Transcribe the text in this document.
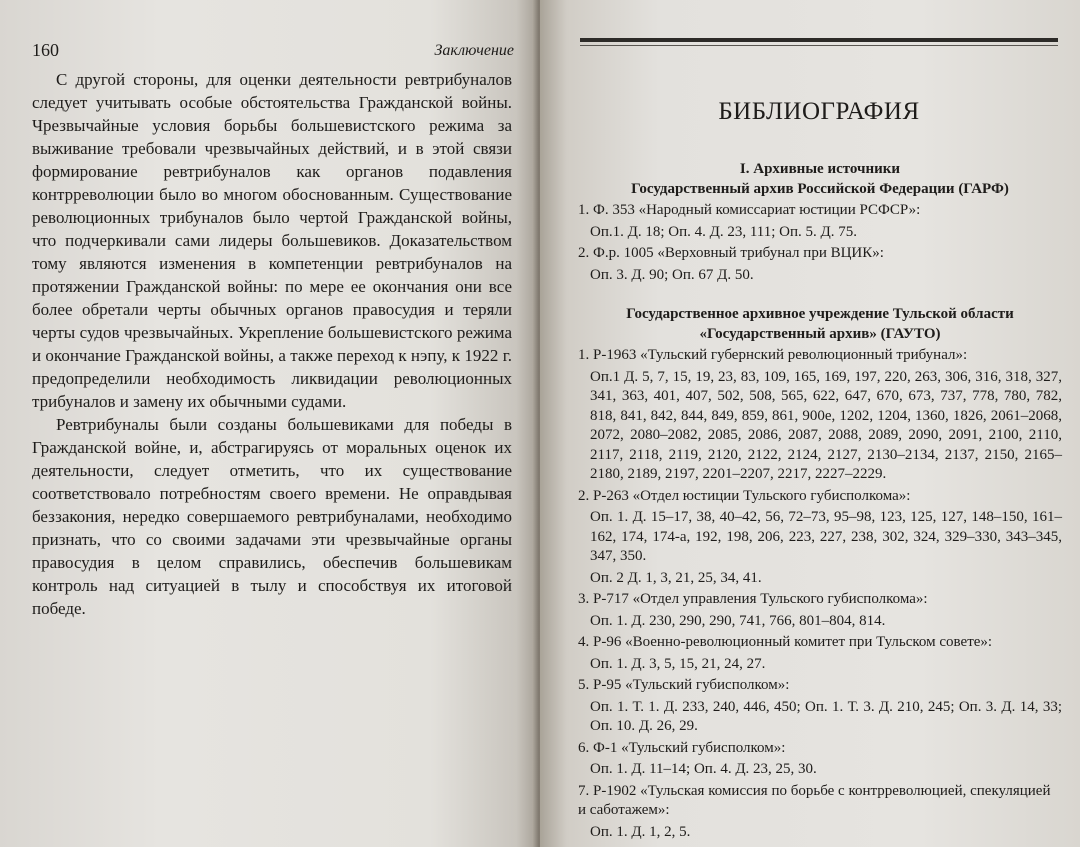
160	Заключение

С другой стороны, для оценки деятельности ревтрибуналов следует учитывать особые обстоятельства Гражданской войны. Чрезвычайные условия борьбы большевистского режима за выживание требовали чрезвычайных действий, и в этой связи формирование ревтрибуналов как органов подавления контрреволюции было во многом обоснованным. Существование революционных трибуналов было чертой Гражданской войны, что подчеркивали сами лидеры большевиков. Доказательством тому являются изменения в компетенции ревтрибуналов на протяжении Гражданской войны: по мере ее окончания они все более обретали черты обычных органов правосудия и теряли черты судов чрезвычайных. Укрепление большевистского режима и окончание Гражданской войны, а также переход к нэпу, к 1922 г. предопределили необходимость ликвидации революционных трибуналов и замену их обычными судами.

Ревтрибуналы были созданы большевиками для победы в Гражданской войне, и, абстрагируясь от моральных оценок их деятельности, следует отметить, что их существование соответствовало потребностям своего времени. Не оправдывая беззакония, нередко совершаемого ревтрибуналами, необходимо признать, что со своими задачами эти чрезвычайные органы правосудия в целом справились, обеспечив большевикам контроль над ситуацией в тылу и способствуя их итоговой победе.

БИБЛИОГРАФИЯ
I. Архивные источники
Государственный архив Российской Федерации (ГАРФ)
1. Ф. 353 «Народный комиссариат юстиции РСФСР»:

Оп.1. Д. 18; Оп. 4. Д. 23, 111; Оп. 5. Д. 75.

2. Ф.р. 1005 «Верховный трибунал при ВЦИК»:

Оп. 3. Д. 90; Оп. 67 Д. 50.

Государственное архивное учреждение Тульской области
«Государственный архив» (ГАУТО)
1. Р-1963 «Тульский губернский революционный трибунал»:

Оп.1 Д. 5, 7, 15, 19, 23, 83, 109, 165, 169, 197, 220, 263, 306, 316, 318, 327, 341, 363, 401, 407, 502, 508, 565, 622, 647, 670, 673, 737, 778, 780, 782, 818, 841, 842, 844, 849, 859, 861, 900е, 1202, 1204, 1360, 1826, 2061–2068, 2072, 2080–2082, 2085, 2086, 2087, 2088, 2089, 2090, 2091, 2100, 2110, 2117, 2118, 2119, 2120, 2122, 2124, 2127, 2130–2134, 2137, 2150, 2165–2180, 2189, 2197, 2201–2207, 2217, 2227–2229.

2. Р-263 «Отдел юстиции Тульского губисполкома»:

Оп. 1. Д. 15–17, 38, 40–42, 56, 72–73, 95–98, 123, 125, 127, 148–150, 161–162, 174, 174-а, 192, 198, 206, 223, 227, 238, 302, 324, 329–330, 343–345, 347, 350.

Оп. 2 Д. 1, 3, 21, 25, 34, 41.

3. Р-717 «Отдел управления Тульского губисполкома»:

Оп. 1. Д. 230, 290, 290, 741, 766, 801–804, 814.

4. Р-96 «Военно-революционный комитет при Тульском совете»:

Оп. 1. Д. 3, 5, 15, 21, 24, 27.

5. Р-95 «Тульский губисполком»:

Оп. 1. Т. 1. Д. 233, 240, 446, 450; Оп. 1. Т. 3. Д. 210, 245; Оп. 3. Д. 14, 33; Оп. 10. Д. 26, 29.

6. Ф-1 «Тульский губисполком»:

Оп. 1. Д. 11–14; Оп. 4. Д. 23, 25, 30.

7. Р-1902 «Тульская комиссия по борьбе с контрреволюцией, спекуляцией и саботажем»:

Оп. 1. Д. 1, 2, 5.
